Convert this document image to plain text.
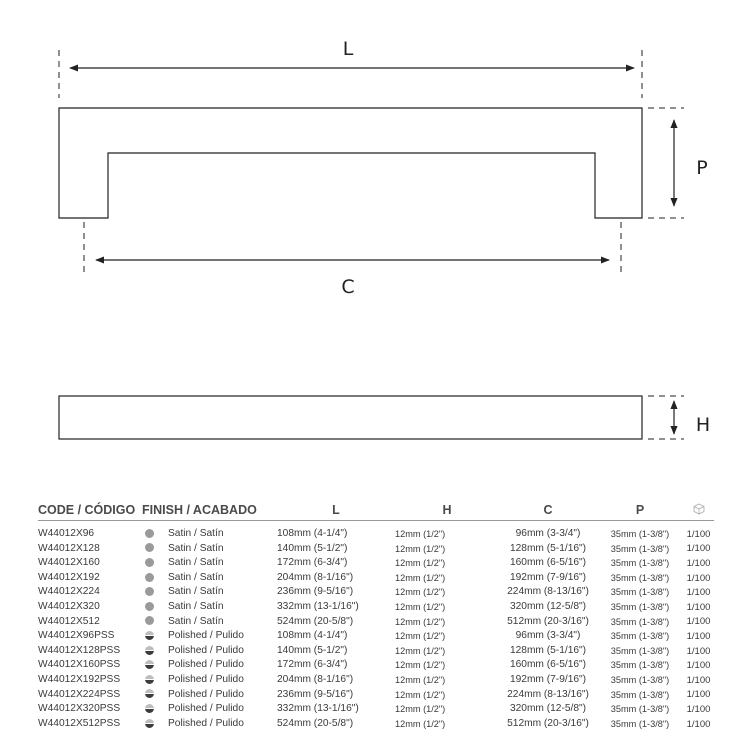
L
P
C
H
CODE / CÓDIGO	FINISH / ACABADO	L	H	C	P	
W44012X96	Satin / Satín	108mm (4-1/4")	12mm (1/2")	96mm (3-3/4")	35mm (1-3/8")	1/100

W44012X128	Satin / Satín	140mm (5-1/2")	12mm (1/2")	128mm (5-1/16")	35mm (1-3/8")	1/100

W44012X160	Satin / Satín	172mm (6-3/4")	12mm (1/2")	160mm (6-5/16")	35mm (1-3/8")	1/100

W44012X192	Satin / Satín	204mm (8-1/16")	12mm (1/2")	192mm (7-9/16")	35mm (1-3/8")	1/100

W44012X224	Satin / Satín	236mm (9-5/16")	12mm (1/2")	224mm (8-13/16")	35mm (1-3/8")	1/100

W44012X320	Satin / Satín	332mm (13-1/16")	12mm (1/2")	320mm (12-5/8")	35mm (1-3/8")	1/100

W44012X512	Satin / Satín	524mm (20-5/8")	12mm (1/2")	512mm (20-3/16")	35mm (1-3/8")	1/100

W44012X96PSS	Polished / Pulido	108mm (4-1/4")	12mm (1/2")	96mm (3-3/4")	35mm (1-3/8")	1/100

W44012X128PSS	Polished / Pulido	140mm (5-1/2")	12mm (1/2")	128mm (5-1/16")	35mm (1-3/8")	1/100

W44012X160PSS	Polished / Pulido	172mm (6-3/4")	12mm (1/2")	160mm (6-5/16")	35mm (1-3/8")	1/100

W44012X192PSS	Polished / Pulido	204mm (8-1/16")	12mm (1/2")	192mm (7-9/16")	35mm (1-3/8")	1/100

W44012X224PSS	Polished / Pulido	236mm (9-5/16")	12mm (1/2")	224mm (8-13/16")	35mm (1-3/8")	1/100

W44012X320PSS	Polished / Pulido	332mm (13-1/16")	12mm (1/2")	320mm (12-5/8")	35mm (1-3/8")	1/100

W44012X512PSS	Polished / Pulido	524mm (20-5/8")	12mm (1/2")	512mm (20-3/16")	35mm (1-3/8")	1/100
